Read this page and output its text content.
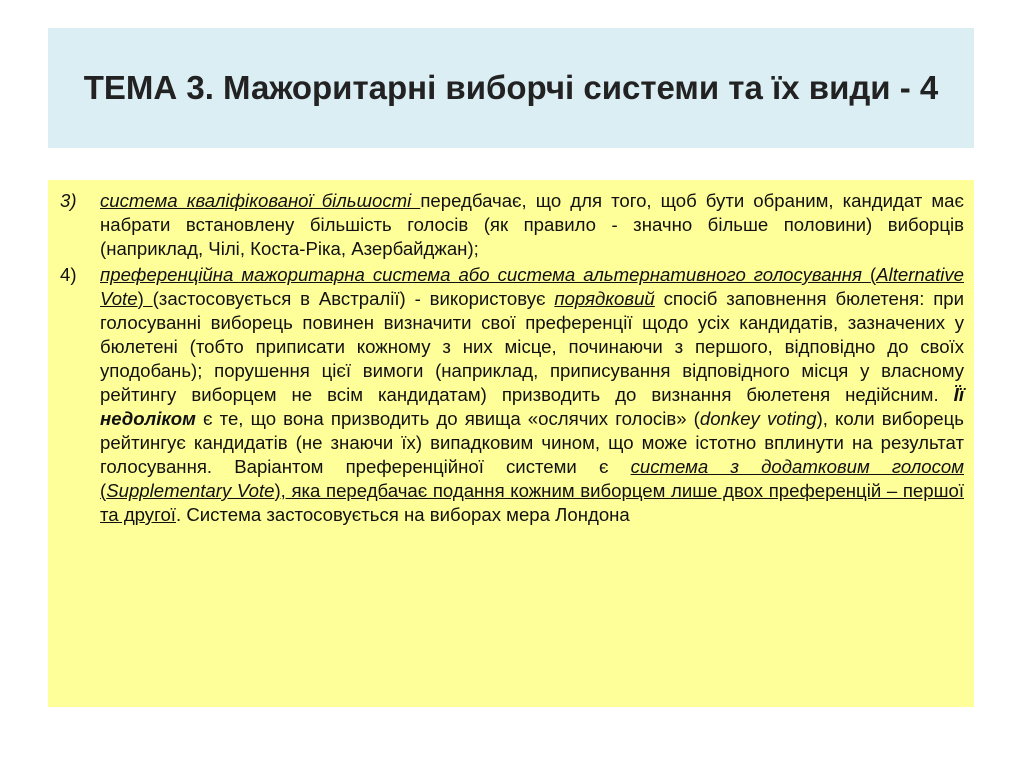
ТЕМА 3. Мажоритарні виборчі системи та їх види - 4
3)	система кваліфікованої більшості передбачає, що для того, щоб бути обраним, кандидат має набрати встановлену більшість голосів (як правило - значно більше половини) виборців (наприклад, Чілі, Коста-Ріка, Азербайджан);
4)	преференційна мажоритарна система або система альтернативного голосування (Alternative Vote) (застосовується в Австралії) - використовує порядковий спосіб заповнення бюлетеня: при голосуванні виборець повинен визначити свої преференції щодо усіх кандидатів, зазначених у бюлетені (тобто приписати кожному з них місце, починаючи з першого, відповідно до своїх уподобань); порушення цієї вимоги (наприклад, приписування відповідного місця у власному рейтингу виборцем не всім кандидатам) призводить до визнання бюлетеня недійсним. Її недоліком є те, що вона призводить до явища «ослячих голосів» (donkey voting), коли виборець рейтингує кандидатів (не знаючи їх) випадковим чином, що може істотно вплинути на результат голосування. Варіантом преференційної системи є система з додатковим голосом (Supplementary Vote), яка передбачає подання кожним виборцем лише двох преференцій – першої та другої. Система застосовується на виборах мера Лондона
